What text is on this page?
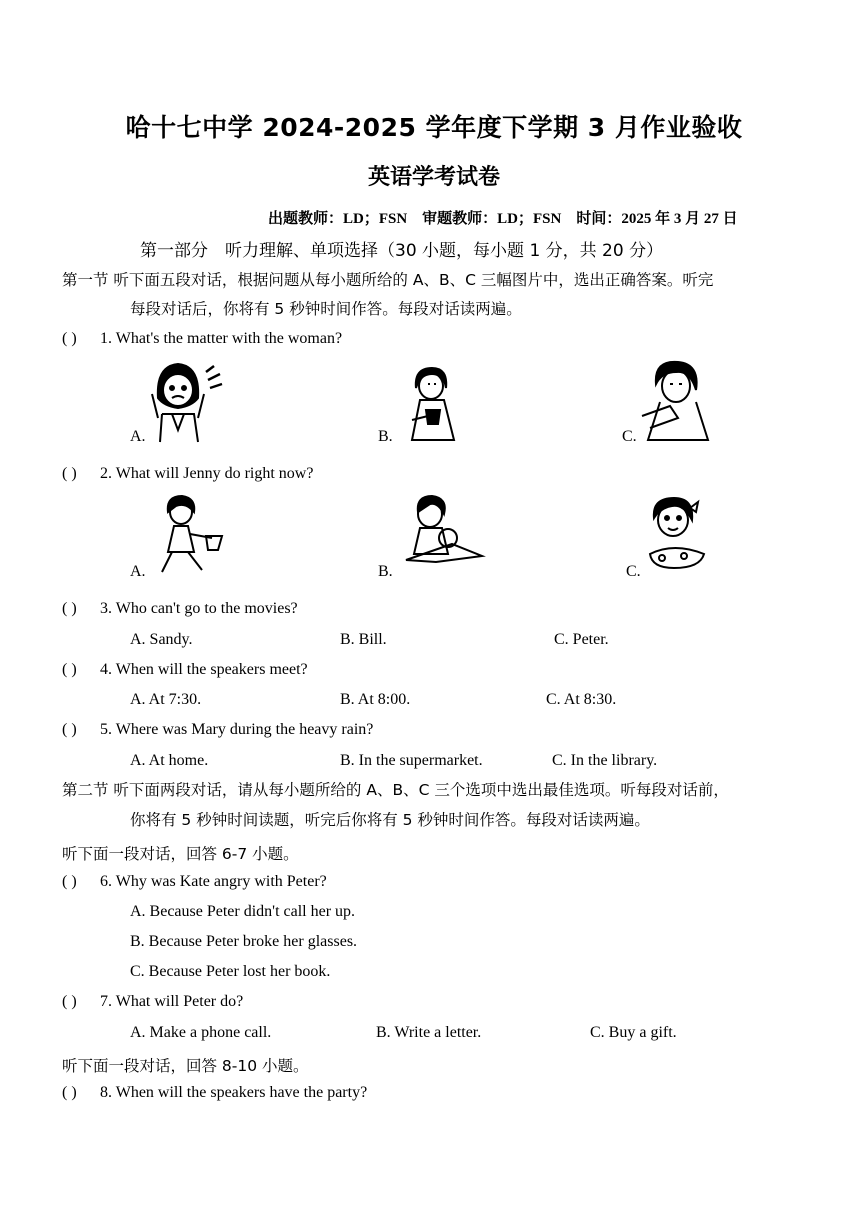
哈十七中学 2024-2025 学年度下学期 3 月作业验收
英语学考试卷
出题教师：LD；FSN　审题教师：LD；FSN　时间：2025 年 3 月 27 日
第一部分　听力理解、单项选择（30 小题，每小题 1 分，共 20 分）
第一节 听下面五段对话，根据问题从每小题所给的 A、B、C 三幅图片中，选出正确答案。听完
每段对话后，你将有 5 秒钟时间作答。每段对话读两遍。
( ) 1. What's the matter with the woman?
A.	B.	C.
( ) 2. What will Jenny do right now?
A.	B.	C.
( ) 3. Who can't go to the movies?
A. Sandy.	B. Bill.	C. Peter.
( ) 4. When will the speakers meet?
A. At 7:30.	B. At 8:00.	C. At 8:30.
( ) 5. Where was Mary during the heavy rain?
A. At home.	B. In the supermarket.	C. In the library.
第二节 听下面两段对话，请从每小题所给的 A、B、C 三个选项中选出最佳选项。听每段对话前，
你将有 5 秒钟时间读题，听完后你将有 5 秒钟时间作答。每段对话读两遍。
听下面一段对话，回答 6-7 小题。
( ) 6. Why was Kate angry with Peter?
A. Because Peter didn't call her up.
B. Because Peter broke her glasses.
C. Because Peter lost her book.
( ) 7. What will Peter do?
A. Make a phone call.	B. Write a letter.	C. Buy a gift.
听下面一段对话，回答 8-10 小题。
( ) 8. When will the speakers have the party?
